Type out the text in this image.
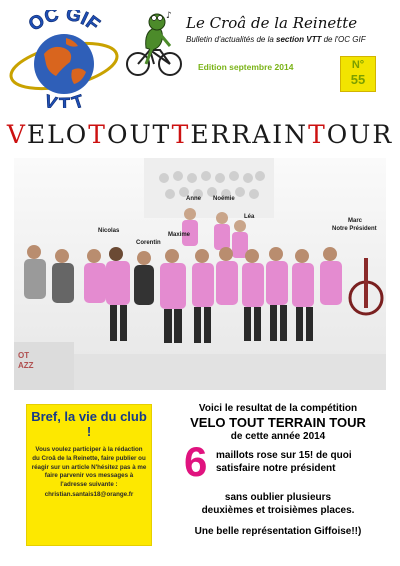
OC GIF
VTT
♪ Le Croâ de la Reinette
Bulletin d'actualités de la section VTT de l'OC GIF
Edition septembre 2014	N°
55
VELOTOUTTERRAINTOUR
OT
AZZ
Anne Noémie
Léa
Nicolas
Corentin
Maxime
Marc
Notre Président
Bref, la vie du club !
Vous voulez participer à la rédaction du Croâ de la Reinette, faire publier ou réagir sur un article N'hésitez pas à me faire parvenir vos messages à l'adresse suivante :
christian.santais18@orange.fr
Voici le resultat de la compétition
VELO TOUT TERRAIN TOUR
de cette année 2014
6 maillots rose sur 15! de quoi
satisfaire notre président
sans oublier plusieurs
deuxièmes et troisièmes places.
Une belle représentation Giffoise!!)
